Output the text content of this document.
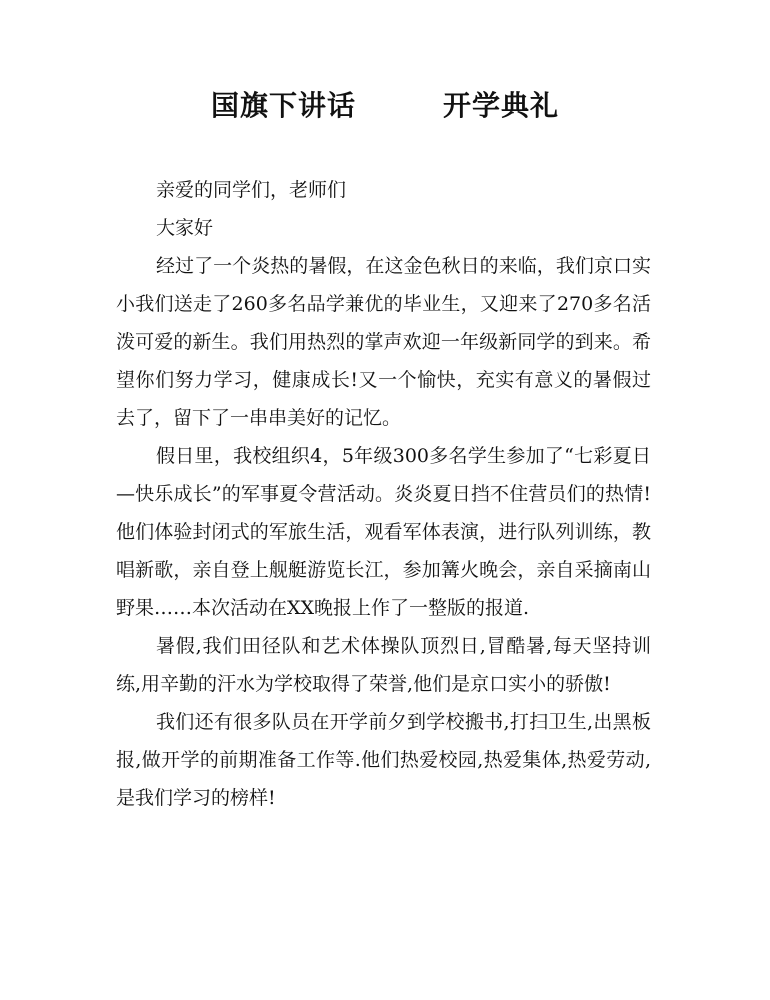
国旗下讲话　　　开学典礼

亲爱的同学们，老师们

大家好

经过了一个炎热的暑假，在这金色秋日的来临，我们京口实小我们送走了260多名品学兼优的毕业生，又迎来了270多名活泼可爱的新生。我们用热烈的掌声欢迎一年级新同学的到来。希望你们努力学习，健康成长!又一个愉快，充实有意义的暑假过去了，留下了一串串美好的记忆。

假日里，我校组织4，5年级300多名学生参加了“七彩夏日—快乐成长”的军事夏令营活动。炎炎夏日挡不住营员们的热情!他们体验封闭式的军旅生活，观看军体表演，进行队列训练，教唱新歌，亲自登上舰艇游览长江，参加篝火晚会，亲自采摘南山野果……本次活动在XX晚报上作了一整版的报道.

暑假,我们田径队和艺术体操队顶烈日,冒酷暑,每天坚持训练,用辛勤的汗水为学校取得了荣誉,他们是京口实小的骄傲!

我们还有很多队员在开学前夕到学校搬书,打扫卫生,出黑板报,做开学的前期准备工作等.他们热爱校园,热爱集体,热爱劳动,是我们学习的榜样!
